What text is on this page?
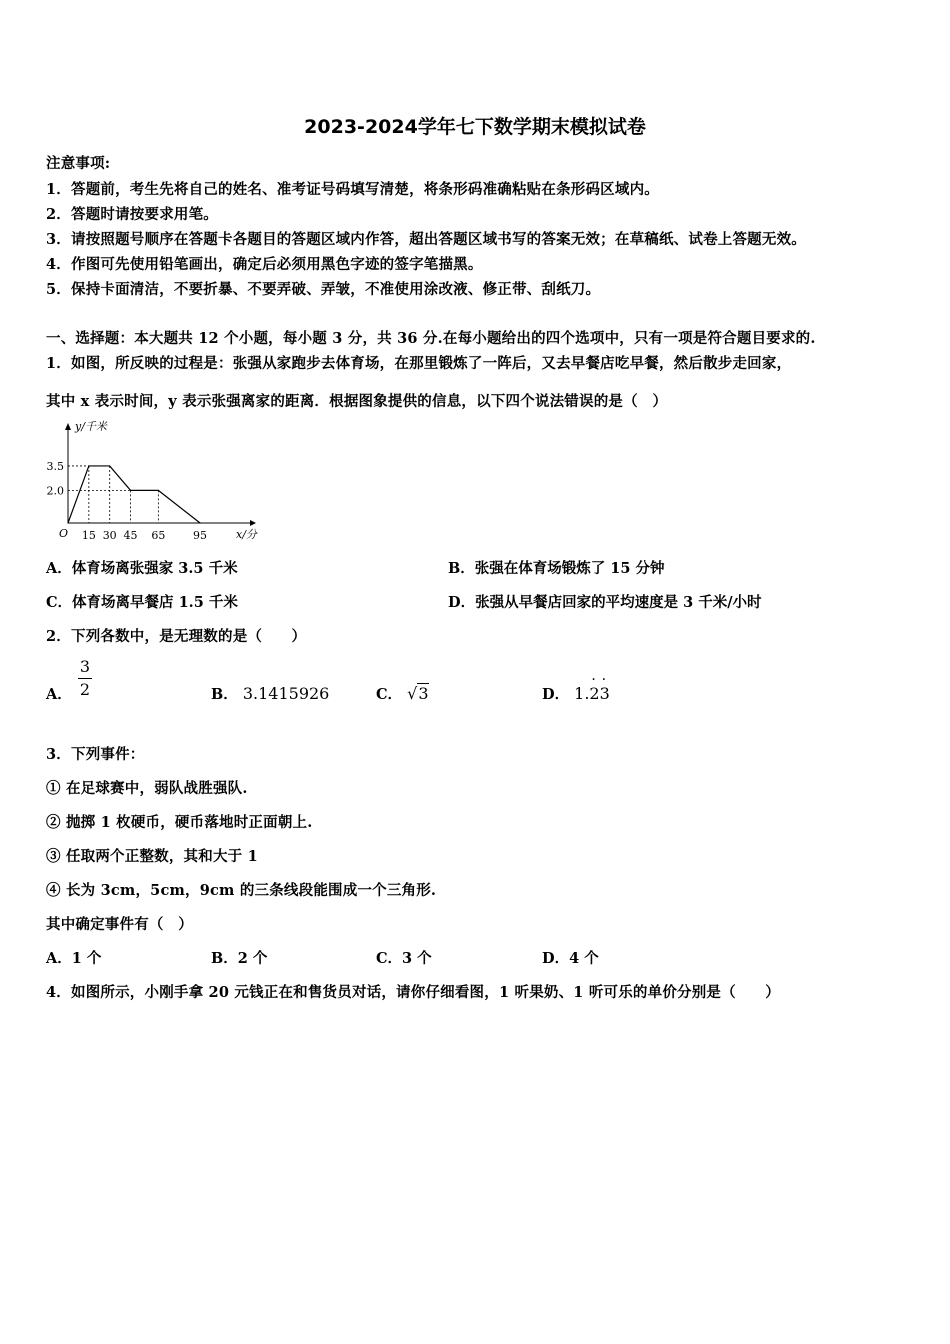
2023-2024学年七下数学期末模拟试卷
注意事项:
1．答题前，考生先将自己的姓名、准考证号码填写清楚，将条形码准确粘贴在条形码区域内。
2．答题时请按要求用笔。
3．请按照题号顺序在答题卡各题目的答题区域内作答，超出答题区域书写的答案无效；在草稿纸、试卷上答题无效。
4．作图可先使用铅笔画出，确定后必须用黑色字迹的签字笔描黑。
5．保持卡面清洁，不要折暴、不要弄破、弄皱，不准使用涂改液、修正带、刮纸刀。
一、选择题：本大题共 12 个小题，每小题 3 分，共 36 分.在每小题给出的四个选项中，只有一项是符合题目要求的.
1．如图，所反映的过程是：张强从家跑步去体育场，在那里锻炼了一阵后，又去早餐店吃早餐，然后散步走回家，
其中 x 表示时间，y 表示张强离家的距离．根据图象提供的信息，以下四个说法错误的是（　）
y/千米
x/分
O 15 30 45 65	95
3.5
2.0
A．体育场离张强家 3.5 千米	B．张强在体育场锻炼了 15 分钟
C．体育场离早餐店 1.5 千米	D．张强从早餐店回家的平均速度是 3 千米/小时
2．下列各数中，是无理数的是（　　）
A．
3
2	B． 3.1415926	C． √3	D． 1.· 2· 3
3．下列事件：
① 在足球赛中，弱队战胜强队.
② 抛掷 1 枚硬币，硬币落地时正面朝上.
③ 任取两个正整数，其和大于 1
④ 长为 3cm，5cm，9cm 的三条线段能围成一个三角形.
其中确定事件有（　）
A．1 个	B．2 个	C．3 个	D．4 个
4．如图所示，小刚手拿 20 元钱正在和售货员对话，请你仔细看图，1 听果奶、1 听可乐的单价分别是（　　）
